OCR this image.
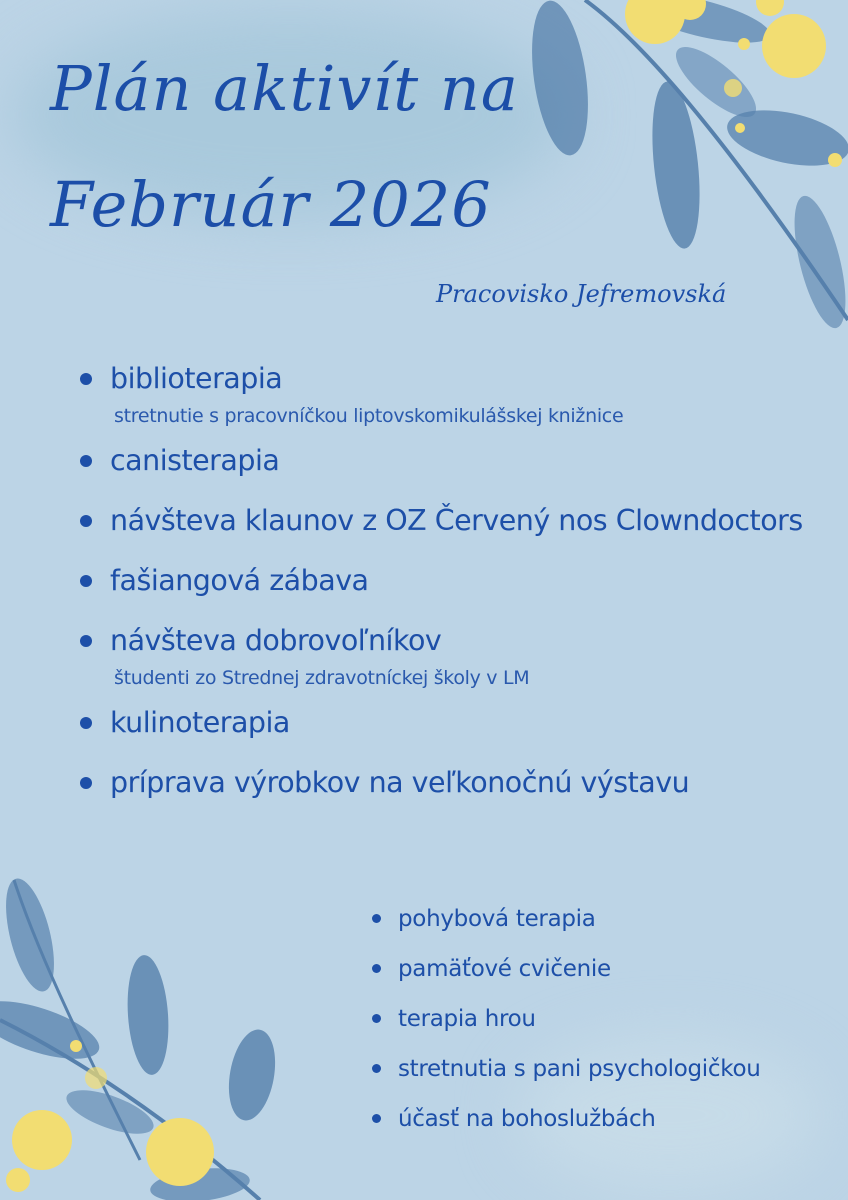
Plán aktivít na
Február 2026
Pracovisko Jefremovská
biblioterapia
stretnutie s pracovníčkou liptovskomikulášskej knižnice
canisterapia
návšteva klaunov z OZ Červený nos Clowndoctors
fašiangová zábava
návšteva dobrovoľníkov
študenti zo Strednej zdravotníckej školy v LM
kulinoterapia
príprava výrobkov na veľkonočnú výstavu
pohybová terapia
pamäťové cvičenie
terapia hrou
stretnutia s pani psychologičkou
účasť na bohoslužbách
